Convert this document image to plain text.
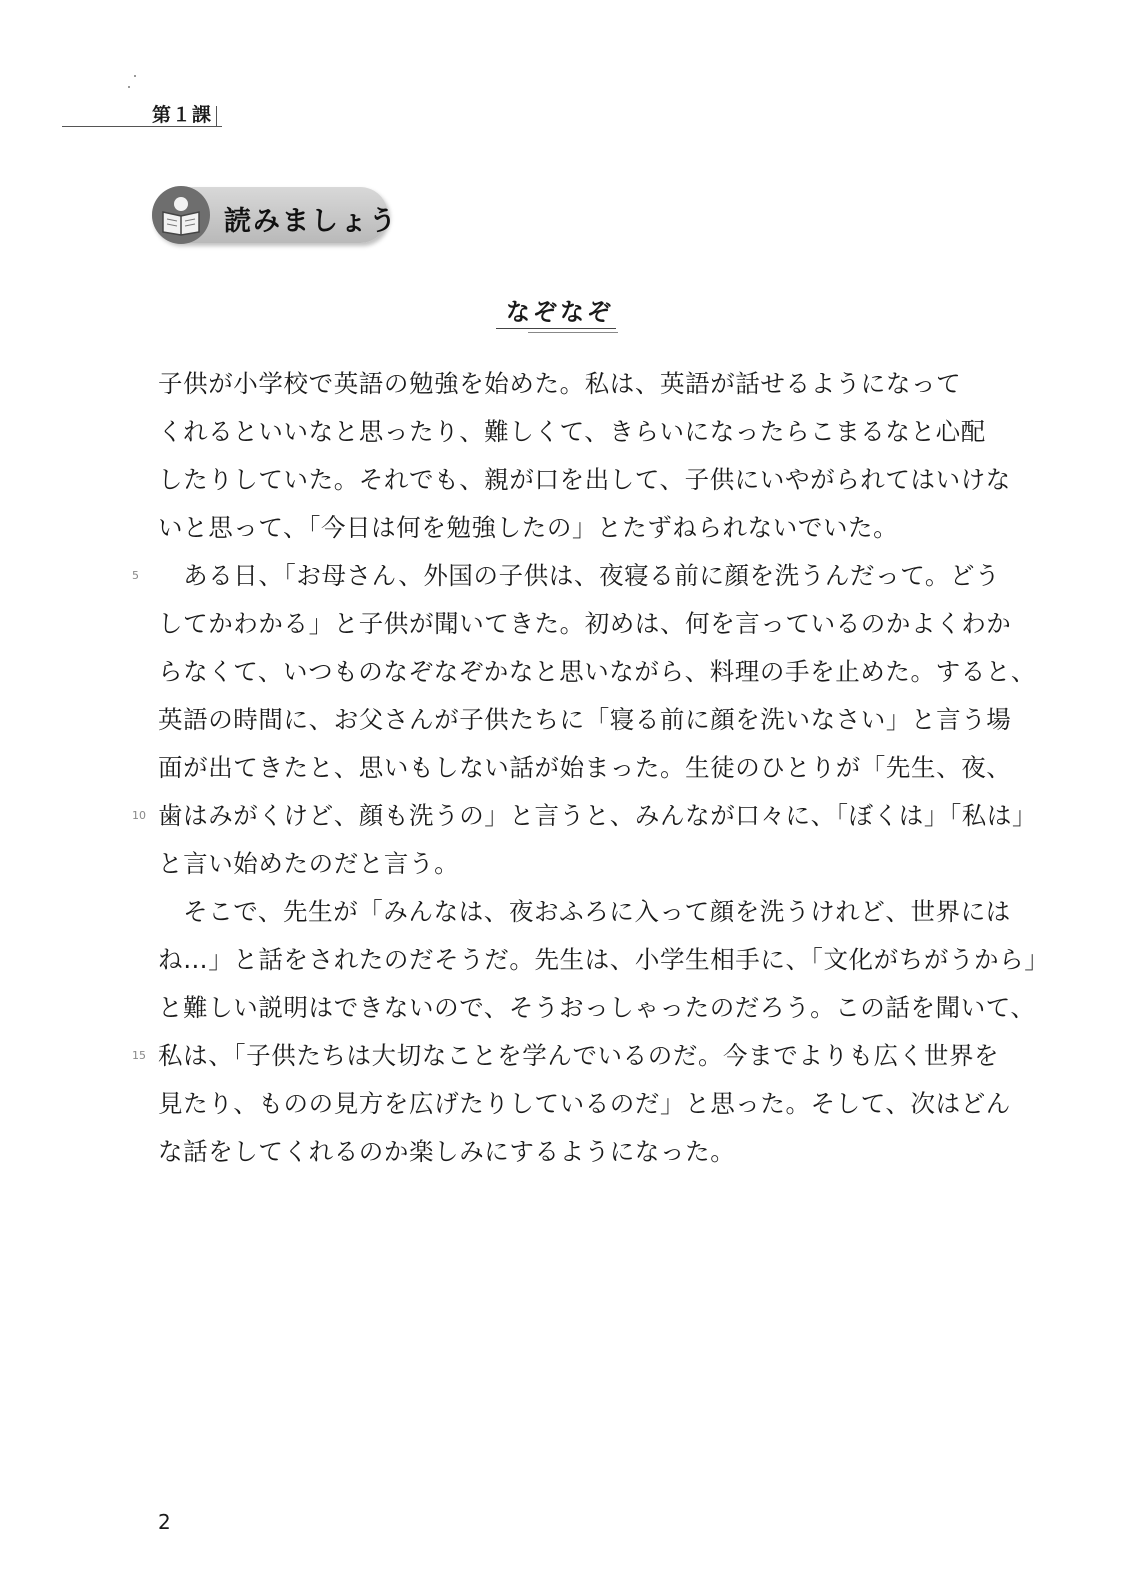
第１課
読みましょう
なぞなぞ
子供が小学校で英語の勉強を始めた。私は、英語が話せるようになって
くれるといいなと思ったり、難しくて、きらいになったらこまるなと心配
したりしていた。それでも、親が口を出して、子供にいやがられてはいけな
いと思って、「今日は何を勉強したの」とたずねられないでいた。
5 　ある日、「お母さん、外国の子供は、夜寝る前に顔を洗うんだって。どう
してかわかる」と子供が聞いてきた。初めは、何を言っているのかよくわか
らなくて、いつものなぞなぞかなと思いながら、料理の手を止めた。すると、
英語の時間に、お父さんが子供たちに「寝る前に顔を洗いなさい」と言う場
面が出てきたと、思いもしない話が始まった。生徒のひとりが「先生、夜、
10 歯はみがくけど、顔も洗うの」と言うと、みんなが口々に、「ぼくは」「私は」
と言い始めたのだと言う。
　そこで、先生が「みんなは、夜おふろに入って顔を洗うけれど、世界には
ね…」と話をされたのだそうだ。先生は、小学生相手に、「文化がちがうから」
と難しい説明はできないので、そうおっしゃったのだろう。この話を聞いて、
15 私は、「子供たちは大切なことを学んでいるのだ。今までよりも広く世界を
見たり、ものの見方を広げたりしているのだ」と思った。そして、次はどん
な話をしてくれるのか楽しみにするようになった。
2
